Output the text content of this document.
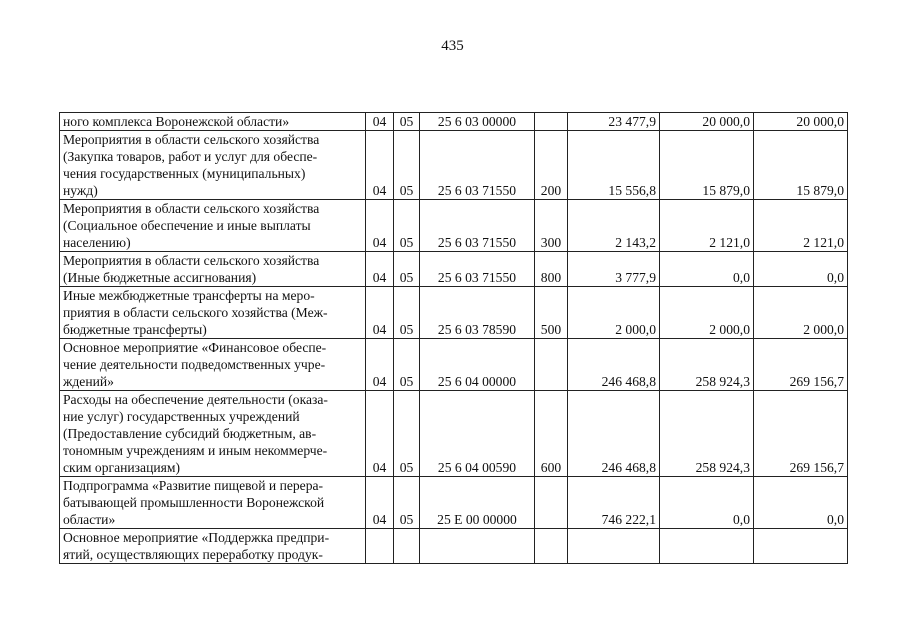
435
ного комплекса Воронежской области»	04	05	25 6 03 00000		23 477,9	20 000,0	20 000,0

Мероприятия в области сельского хозяйства
(Закупка товаров, работ и услуг для обеспе-
чения государственных (муниципальных)
нужд)	04	05	25 6 03 71550	200	15 556,8	15 879,0	15 879,0

Мероприятия в области сельского хозяйства
(Социальное обеспечение и иные выплаты
населению)	04	05	25 6 03 71550	300	2 143,2	2 121,0	2 121,0

Мероприятия в области сельского хозяйства
(Иные бюджетные ассигнования)	04	05	25 6 03 71550	800	3 777,9	0,0	0,0

Иные межбюджетные трансферты на меро-
приятия в области сельского хозяйства (Меж-
бюджетные трансферты)	04	05	25 6 03 78590	500	2 000,0	2 000,0	2 000,0

Основное мероприятие «Финансовое обеспе-
чение деятельности подведомственных учре-
ждений»	04	05	25 6 04 00000		246 468,8	258 924,3	269 156,7

Расходы на обеспечение деятельности (оказа-
ние услуг) государственных учреждений
(Предоставление субсидий бюджетным, ав-
тономным учреждениям и иным некоммерче-
ским организациям)	04	05	25 6 04 00590	600	246 468,8	258 924,3	269 156,7

Подпрограмма «Развитие пищевой и перера-
батывающей промышленности Воронежской
области»	04	05	25 Е 00 00000		746 222,1	0,0	0,0

Основное мероприятие «Поддержка предпри-
ятий, осуществляющих переработку продук-							
